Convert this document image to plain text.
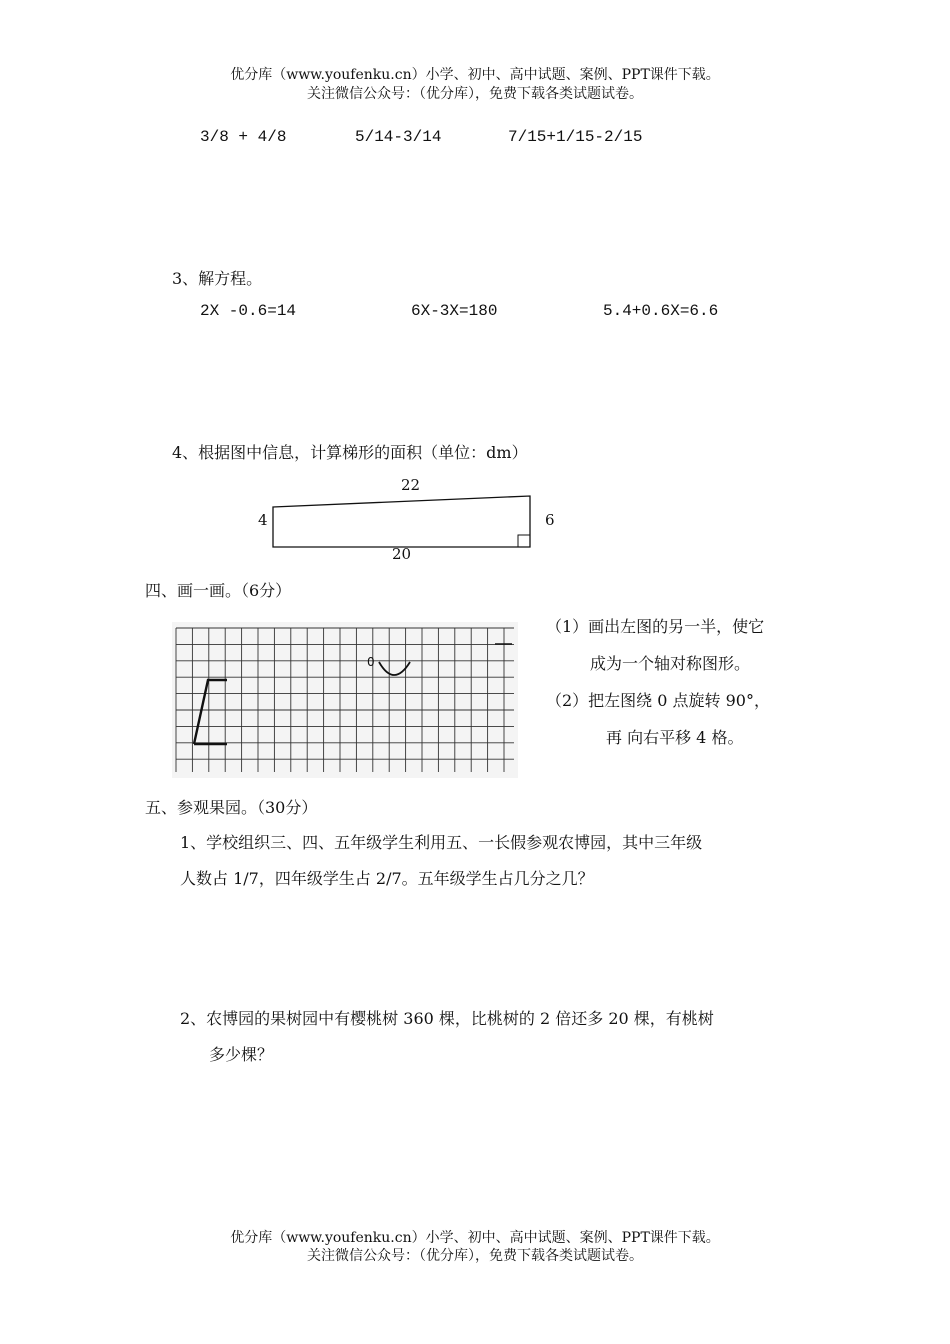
优分库（www.youfenku.cn）小学、初中、高中试题、案例、PPT课件下载。
关注微信公众号：（优分库），免费下载各类试题试卷。
3/8 + 4/8	5/14-3/14	7/15+1/15-2/15
3、解方程。
2X -0.6=14	6X-3X=180	5.4+0.6X=6.6
4、根据图中信息，计算梯形的面积（单位：dm）
22
4	6
20
四、画一画。（6分）
0
（1）画出左图的另一半，使它
成为一个轴对称图形。
（2）把左图绕 0 点旋转 90°，
再 向右平移 4 格。
五、参观果园。（30分）
1、学校组织三、四、五年级学生利用五、一长假参观农博园，其中三年级
人数占 1/7，四年级学生占 2/7。五年级学生占几分之几？
2、农博园的果树园中有樱桃树 360 棵，比桃树的 2 倍还多 20 棵，有桃树
多少棵？
优分库（www.youfenku.cn）小学、初中、高中试题、案例、PPT课件下载。
关注微信公众号：（优分库），免费下载各类试题试卷。
